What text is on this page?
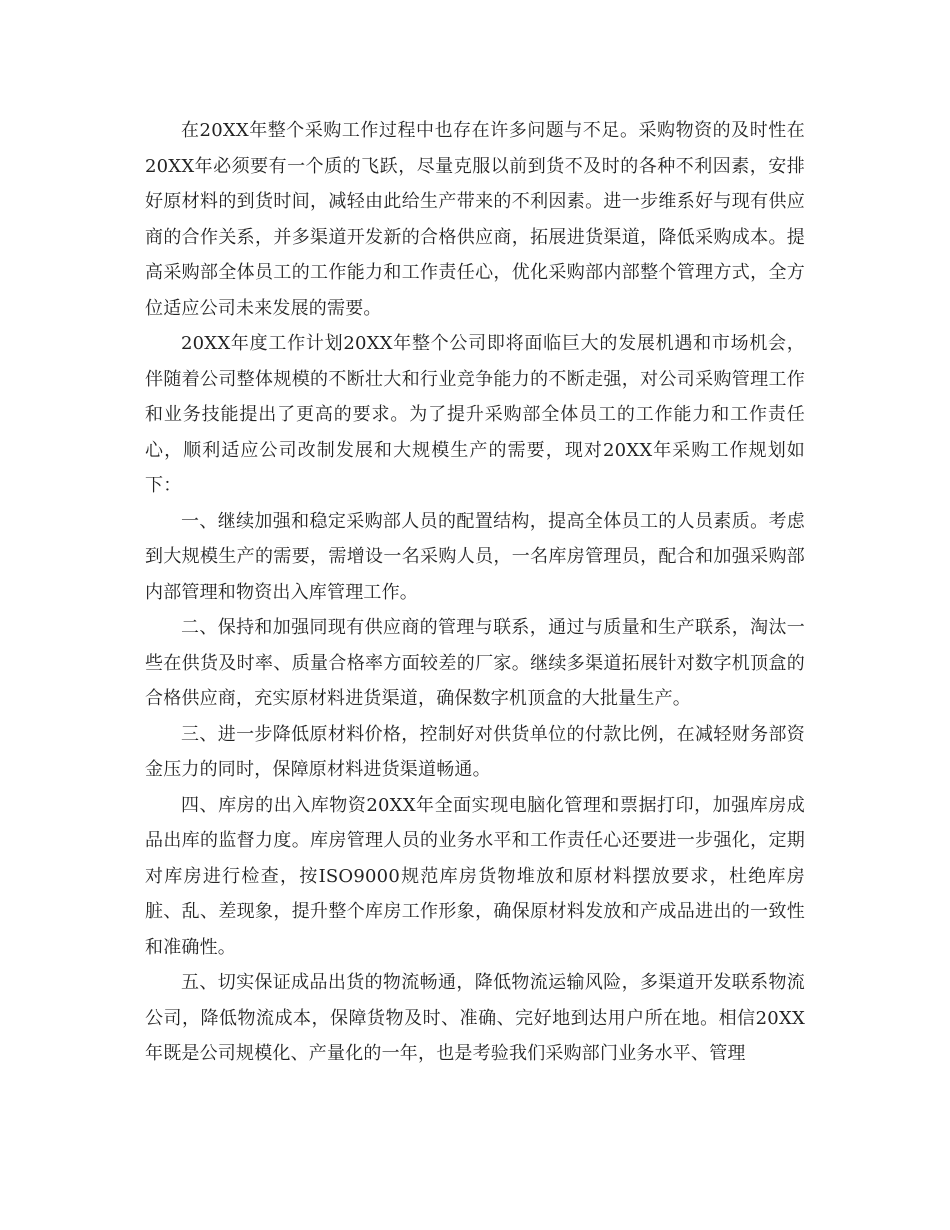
在20XX年整个采购工作过程中也存在许多问题与不足。采购物资的及时性在20XX年必须要有一个质的飞跃，尽量克服以前到货不及时的各种不利因素，安排好原材料的到货时间，减轻由此给生产带来的不利因素。进一步维系好与现有供应商的合作关系，并多渠道开发新的合格供应商，拓展进货渠道，降低采购成本。提高采购部全体员工的工作能力和工作责任心，优化采购部内部整个管理方式，全方位适应公司未来发展的需要。

20XX年度工作计划20XX年整个公司即将面临巨大的发展机遇和市场机会，伴随着公司整体规模的不断壮大和行业竞争能力的不断走强，对公司采购管理工作和业务技能提出了更高的要求。为了提升采购部全体员工的工作能力和工作责任心，顺利适应公司改制发展和大规模生产的需要，现对20XX年采购工作规划如下：

一、继续加强和稳定采购部人员的配置结构，提高全体员工的人员素质。考虑到大规模生产的需要，需增设一名采购人员，一名库房管理员，配合和加强采购部内部管理和物资出入库管理工作。

二、保持和加强同现有供应商的管理与联系，通过与质量和生产联系，淘汰一些在供货及时率、质量合格率方面较差的厂家。继续多渠道拓展针对数字机顶盒的合格供应商，充实原材料进货渠道，确保数字机顶盒的大批量生产。

三、进一步降低原材料价格，控制好对供货单位的付款比例，在减轻财务部资金压力的同时，保障原材料进货渠道畅通。

四、库房的出入库物资20XX年全面实现电脑化管理和票据打印，加强库房成品出库的监督力度。库房管理人员的业务水平和工作责任心还要进一步强化，定期对库房进行检查，按ISO9000规范库房货物堆放和原材料摆放要求，杜绝库房脏、乱、差现象，提升整个库房工作形象，确保原材料发放和产成品进出的一致性和准确性。

五、切实保证成品出货的物流畅通，降低物流运输风险，多渠道开发联系物流公司，降低物流成本，保障货物及时、准确、完好地到达用户所在地。相信20XX年既是公司规模化、产量化的一年，也是考验我们采购部门业务水平、管理
